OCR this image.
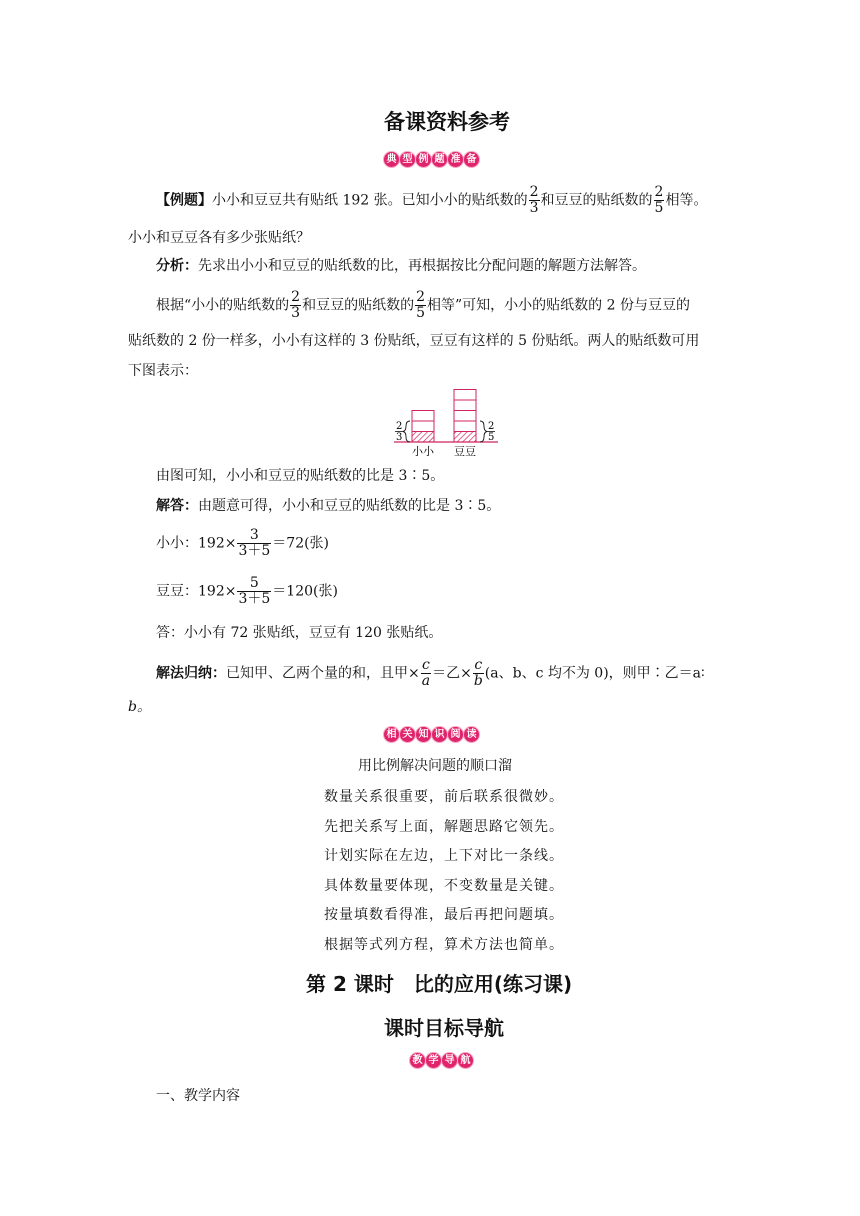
备课资料参考
典 型 例 题 准 备
【例题】小小和豆豆共有贴纸 192 张。已知小小的贴纸数的 $\frac{2}{3}$ 和豆豆的贴纸数的 $\frac{2}{5}$ 相等。
小小和豆豆各有多少张贴纸？
分析：先求出小小和豆豆的贴纸数的比，再根据按比分配问题的解题方法解答。
根据“小小的贴纸数的 $\frac{2}{3}$ 和豆豆的贴纸数的 $\frac{2}{5}$ 相等”可知，小小的贴纸数的 2 份与豆豆的
贴纸数的 2 份一样多，小小有这样的 3 份贴纸，豆豆有这样的 5 份贴纸。两人的贴纸数可用
下图表示：
2
3
2
5
小小 豆豆
由图可知，小小和豆豆的贴纸数的比是 3∶5。
解答：由题意可得，小小和豆豆的贴纸数的比是 3∶5。
小小：$192\times \frac{3}{3+5} =72$(张)
豆豆：$192\times \frac{5}{3+5} =120$(张)
答：小小有 72 张贴纸，豆豆有 120 张贴纸。
解法归纳：已知甲、乙两个量的和，且甲× $\frac{c}{a}$ ＝乙× $\frac{c}{b} (a$、b、c 均不为 0)，则甲∶乙＝a∶
b。
相 关 知 识 阅 读
用比例解决问题的顺口溜
数量关系很重要，前后联系很微妙。
先把关系写上面，解题思路它领先。
计划实际在左边，上下对比一条线。
具体数量要体现，不变数量是关键。
按量填数看得准，最后再把问题填。
根据等式列方程，算术方法也简单。
第 2 课时　比的应用(练习课)
课时目标导航
教 学 导 航
一、教学内容
